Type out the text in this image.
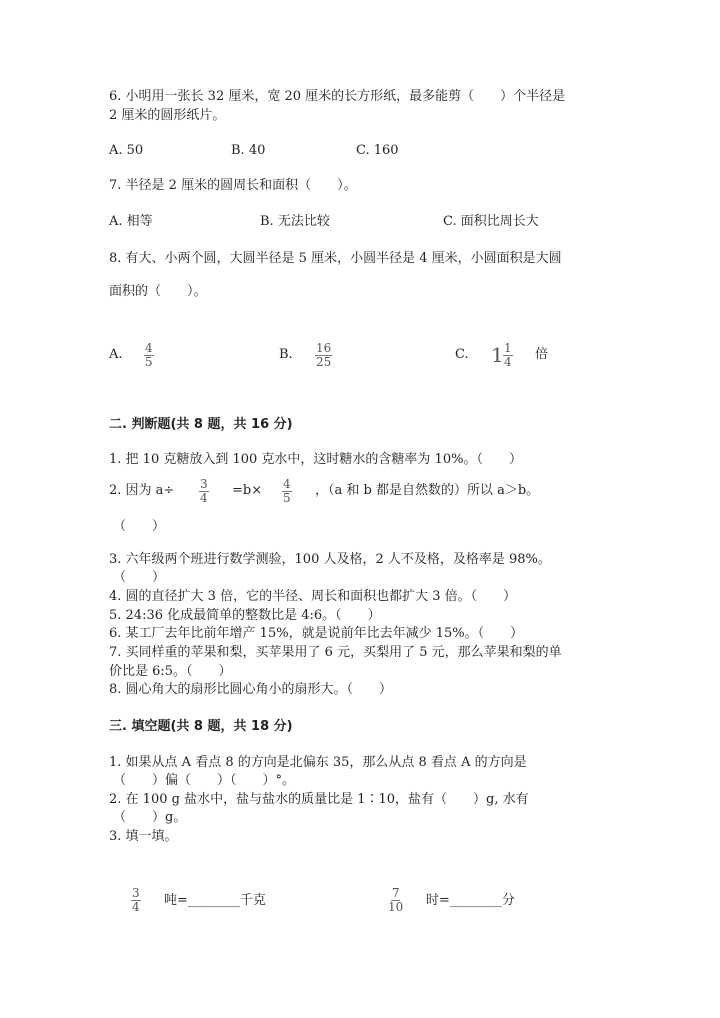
6. 小明用一张长 32 厘米，宽 20 厘米的长方形纸，最多能剪（　　）个半径是
2 厘米的圆形纸片。
A. 50	B. 40	C. 160
7. 半径是 2 厘米的圆周长和面积（　　）。
A. 相等	B. 无法比较	C. 面积比周长大
8. 有大、小两个圆，大圆半径是 5 厘米，小圆半径是 4 厘米，小圆面积是大圆
面积的（　　）。
A. 4
5	B. 16
25	C. 1 1
4 倍
二. 判断题(共 8 题，共 16 分)
1. 把 10 克糖放入到 100 克水中，这时糖水的含糖率为 10%。（　　）
2. 因为 a÷ 3
4 =b× 4
5 ，（a 和 b 都是自然数的）所以 a＞b。
（　　）
3. 六年级两个班进行数学测验，100 人及格，2 人不及格，及格率是 98%。
（　　）
4. 圆的直径扩大 3 倍，它的半径、周长和面积也都扩大 3 倍。（　　）
5. 24:36 化成最简单的整数比是 4:6。（　　）
6. 某工厂去年比前年增产 15%，就是说前年比去年减少 15%。（　　）
7. 买同样重的苹果和梨，买苹果用了 6 元，买梨用了 5 元，那么苹果和梨的单
价比是 6:5。（　　）
8. 圆心角大的扇形比圆心角小的扇形大。（　　）
三. 填空题(共 8 题，共 18 分)
1. 如果从点 A 看点 8 的方向是北偏东 35，那么从点 8 看点 A 的方向是
（　　）偏（　　）（　　）°。
2. 在 100 g 盐水中，盐与盐水的质量比是 1∶10，盐有（　　）g, 水有
（　　）g。
3. 填一填。
3
4 吨=________千克	7
10 时=________分
